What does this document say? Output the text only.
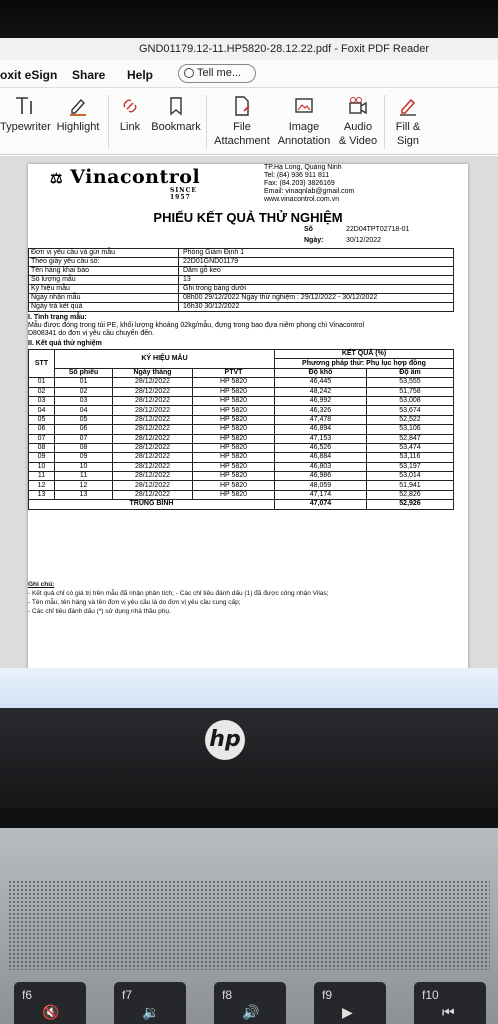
GND01179.12-11.HP5820-28.12.22.pdf - Foxit PDF Reader
oxit eSign Share Help	Tell me...
Typewriter Highlight	Link	Bookmark	File
Attachment
Image
Annotation
Audio
& Video
Fill &
Sign
⚖ Vinacontrol
SINCE 1957
TP.Hạ Long, Quảng Ninh
Tel: (84) 936 911 811
Fax: (84.203) 3826169
Email: vinaqnlab@gmail.com
www.vinacontrol.com.vn
PHIẾU KẾT QUẢ THỬ NGHIỆM
Số	22D04TPT02718-01
Ngày:	30/12/2022
Đơn vị yêu cầu và gửi mẫu	Phòng Giám Định 1
Theo giấy yêu cầu số:	22D01GND01179
Tên hàng khai báo	Dăm gỗ keo
Số lượng mẫu	13
Ký hiệu mẫu	Ghi trong bảng dưới
Ngày nhận mẫu	08h00 29/12/2022 Ngày thử nghiệm : 29/12/2022 - 30/12/2022
Ngày trả kết quả	16h30 30/12/2022
I. Tình trạng mẫu:
Mẫu được đóng trong túi PE, khối lượng khoảng 02kg/mẫu, đựng trong bao đựa niêm phong chì Vinacontrol
D808341 do đơn vị yêu cầu chuyển đến.
II. Kết quả thử nghiệm
STT	KÝ HIỆU MẪU			KẾT QUẢ (%)	
				Phương pháp thử: Phụ lục hợp đồng	
	Số phiếu	Ngày tháng	PTVT	Độ khô	Độ ẩm
01	01	28/12/2022	HP 5820	46,445	53,555
02	02	28/12/2022	HP 5820	48,242	51,758
03	03	28/12/2022	HP 5820	46,992	53,008
04	04	28/12/2022	HP 5820	46,326	53,674
05	05	28/12/2022	HP 5820	47,478	52,522
06	06	28/12/2022	HP 5820	46,894	53,106
07	07	28/12/2022	HP 5820	47,153	52,847
08	08	28/12/2022	HP 5820	46,526	53,474
09	09	28/12/2022	HP 5820	46,884	53,116
10	10	28/12/2022	HP 5820	46,803	53,197
11	11	28/12/2022	HP 5820	46,986	53,014
12	12	28/12/2022	HP 5820	48,059	51,941
13	13	28/12/2022	HP 5820	47,174	52,826
TRUNG BÌNH				47,074	52,926
Ghi chú:
- Kết quả chỉ có giá trị trên mẫu đã nhận phân tích; - Các chỉ tiêu đánh dấu (1) đã được công nhận Vilas;
- Tên mẫu, tên hàng và tên đơn vị yêu cầu là do đơn vị yêu cầu cung cấp;
- Các chỉ tiêu đánh dấu (*) sử dụng nhà thầu phụ.
hp
f6
🔇
f7
🔉
f8
🔊
f9
▶
f10
⏮
